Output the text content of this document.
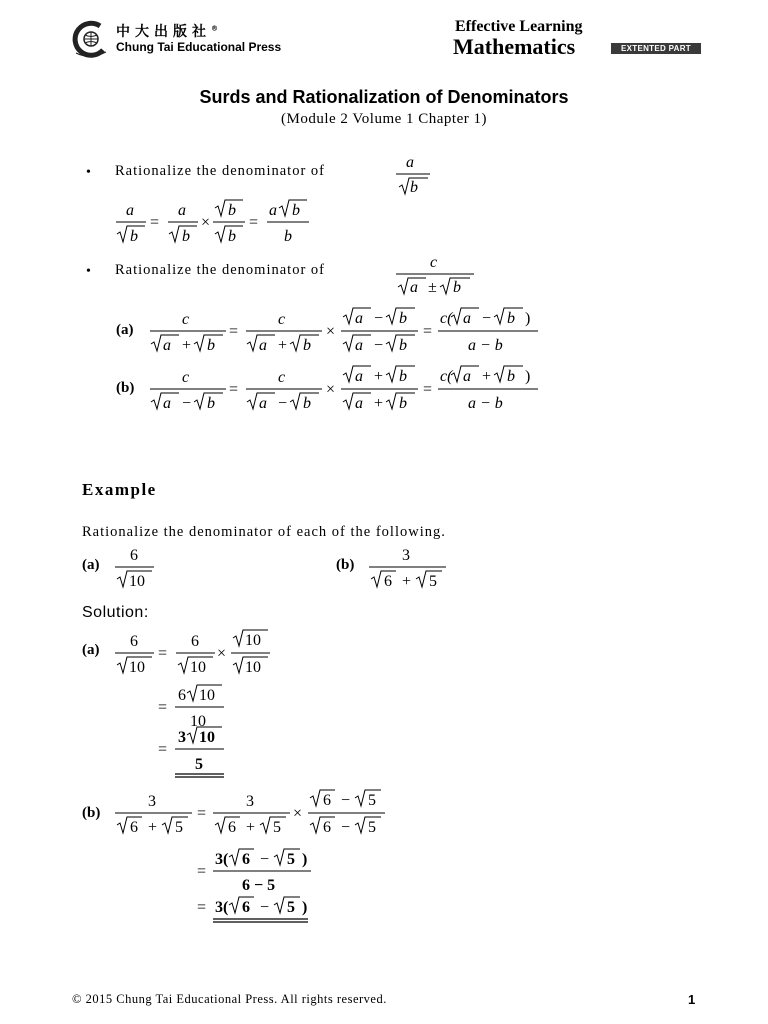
中大出版社®
Chung Tai Educational Press
Effective Learning
Mathematics	EXTENTED PART
Surds and Rationalization of Denominators
(Module 2 Volume 1 Chapter 1)
• Rationalize the denominator of	a
b
a
b
=
a
b
×
b
b
=
a b
b
• Rationalize the denominator of	c
a ± b
(a)
c
a + b
=
c
a + b
×
a − b
a − b
=
c( a − b )
a − b
(b)
c
a − b
=
c
a − b
×
a + b
a + b
=
c( a + b )
a − b
Example
Rationalize the denominator of each of the following.
(a)
6
10
(b)
3
6 + 5
Solution:
(a) 6
10
=
6
10
×
10
10
=
6 10
10
=
3 10
5
(b)
3
6 + 5
=
3
6 + 5
×
6 − 5
6 − 5
=
3( 6 − 5 )
6 − 5
= 3( 6 − 5 )
© 2015 Chung Tai Educational Press. All rights reserved.	1
